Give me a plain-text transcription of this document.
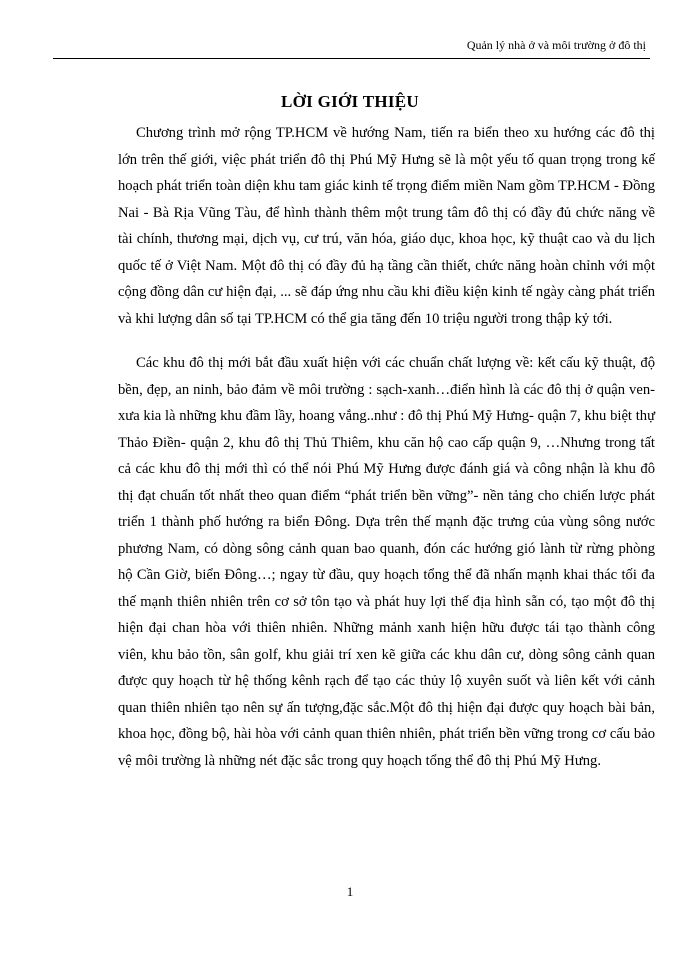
Quản lý nhà ở và môi trường ở đô thị

LỜI GIỚI THIỆU

Chương trình mở rộng TP.HCM về hướng Nam, tiến ra biển theo xu hướng các đô thị lớn trên thế giới, việc phát triển đô thị Phú Mỹ Hưng sẽ là một yếu tố quan trọng trong kế hoạch phát triển toàn diện khu tam giác kinh tế trọng điểm miền Nam gồm TP.HCM - Đồng Nai - Bà Rịa Vũng Tàu, để hình thành thêm một trung tâm đô thị có đầy đủ chức năng về tài chính, thương mại, dịch vụ, cư trú, văn hóa, giáo dục, khoa học, kỹ thuật cao và du lịch quốc tế ở Việt Nam. Một đô thị có đầy đủ hạ tầng cần thiết, chức năng hoàn chỉnh với một cộng đồng dân cư hiện đại, ... sẽ đáp ứng nhu cầu khi điều kiện kinh tế ngày càng phát triển và khi lượng dân số tại TP.HCM có thể gia tăng đến 10 triệu người trong thập kỷ tới.

Các khu đô thị mới bắt đầu xuất hiện với các chuẩn chất lượng về: kết cấu kỹ thuật, độ bền, đẹp, an ninh, bảo đảm về môi trường : sạch-xanh…điển hình là các đô thị ở quận ven- xưa kia là những khu đầm lầy, hoang vắng..như : đô thị Phú Mỹ Hưng- quận 7, khu biệt thự Thảo Điền- quận 2, khu đô thị Thủ Thiêm, khu căn hộ cao cấp quận 9, …Nhưng trong tất cả các khu đô thị mới thì có thể nói Phú Mỹ Hưng được đánh giá và công nhận là khu đô thị đạt chuẩn tốt nhất theo quan điểm “phát triển bền vững”- nền tảng cho chiến lược phát triển 1 thành phố hướng ra biển Đông. Dựa trên thế mạnh đặc trưng của vùng sông nước phương Nam, có dòng sông cảnh quan bao quanh, đón các hướng gió lành từ rừng phòng hộ Cần Giờ, biển Đông…; ngay từ đầu, quy hoạch tổng thể đã nhấn mạnh khai thác tối đa thế mạnh thiên nhiên trên cơ sở tôn tạo và phát huy lợi thế địa hình sẵn có, tạo một đô thị hiện đại chan hòa với thiên nhiên. Những mảnh xanh hiện hữu được tái tạo thành công viên, khu bảo tồn, sân golf, khu giải trí xen kẽ giữa các khu dân cư, dòng sông cảnh quan được quy hoạch từ hệ thống kênh rạch để tạo các thủy lộ xuyên suốt và liên kết với cảnh quan thiên nhiên tạo nên sự ấn tượng,đặc sắc.Một đô thị hiện đại được quy hoạch bài bản, khoa học, đồng bộ, hài hòa với cảnh quan thiên nhiên, phát triển bền vững trong cơ cấu bảo vệ môi trường là những nét đặc sắc trong quy hoạch tổng thể đô thị Phú Mỹ Hưng.

1
